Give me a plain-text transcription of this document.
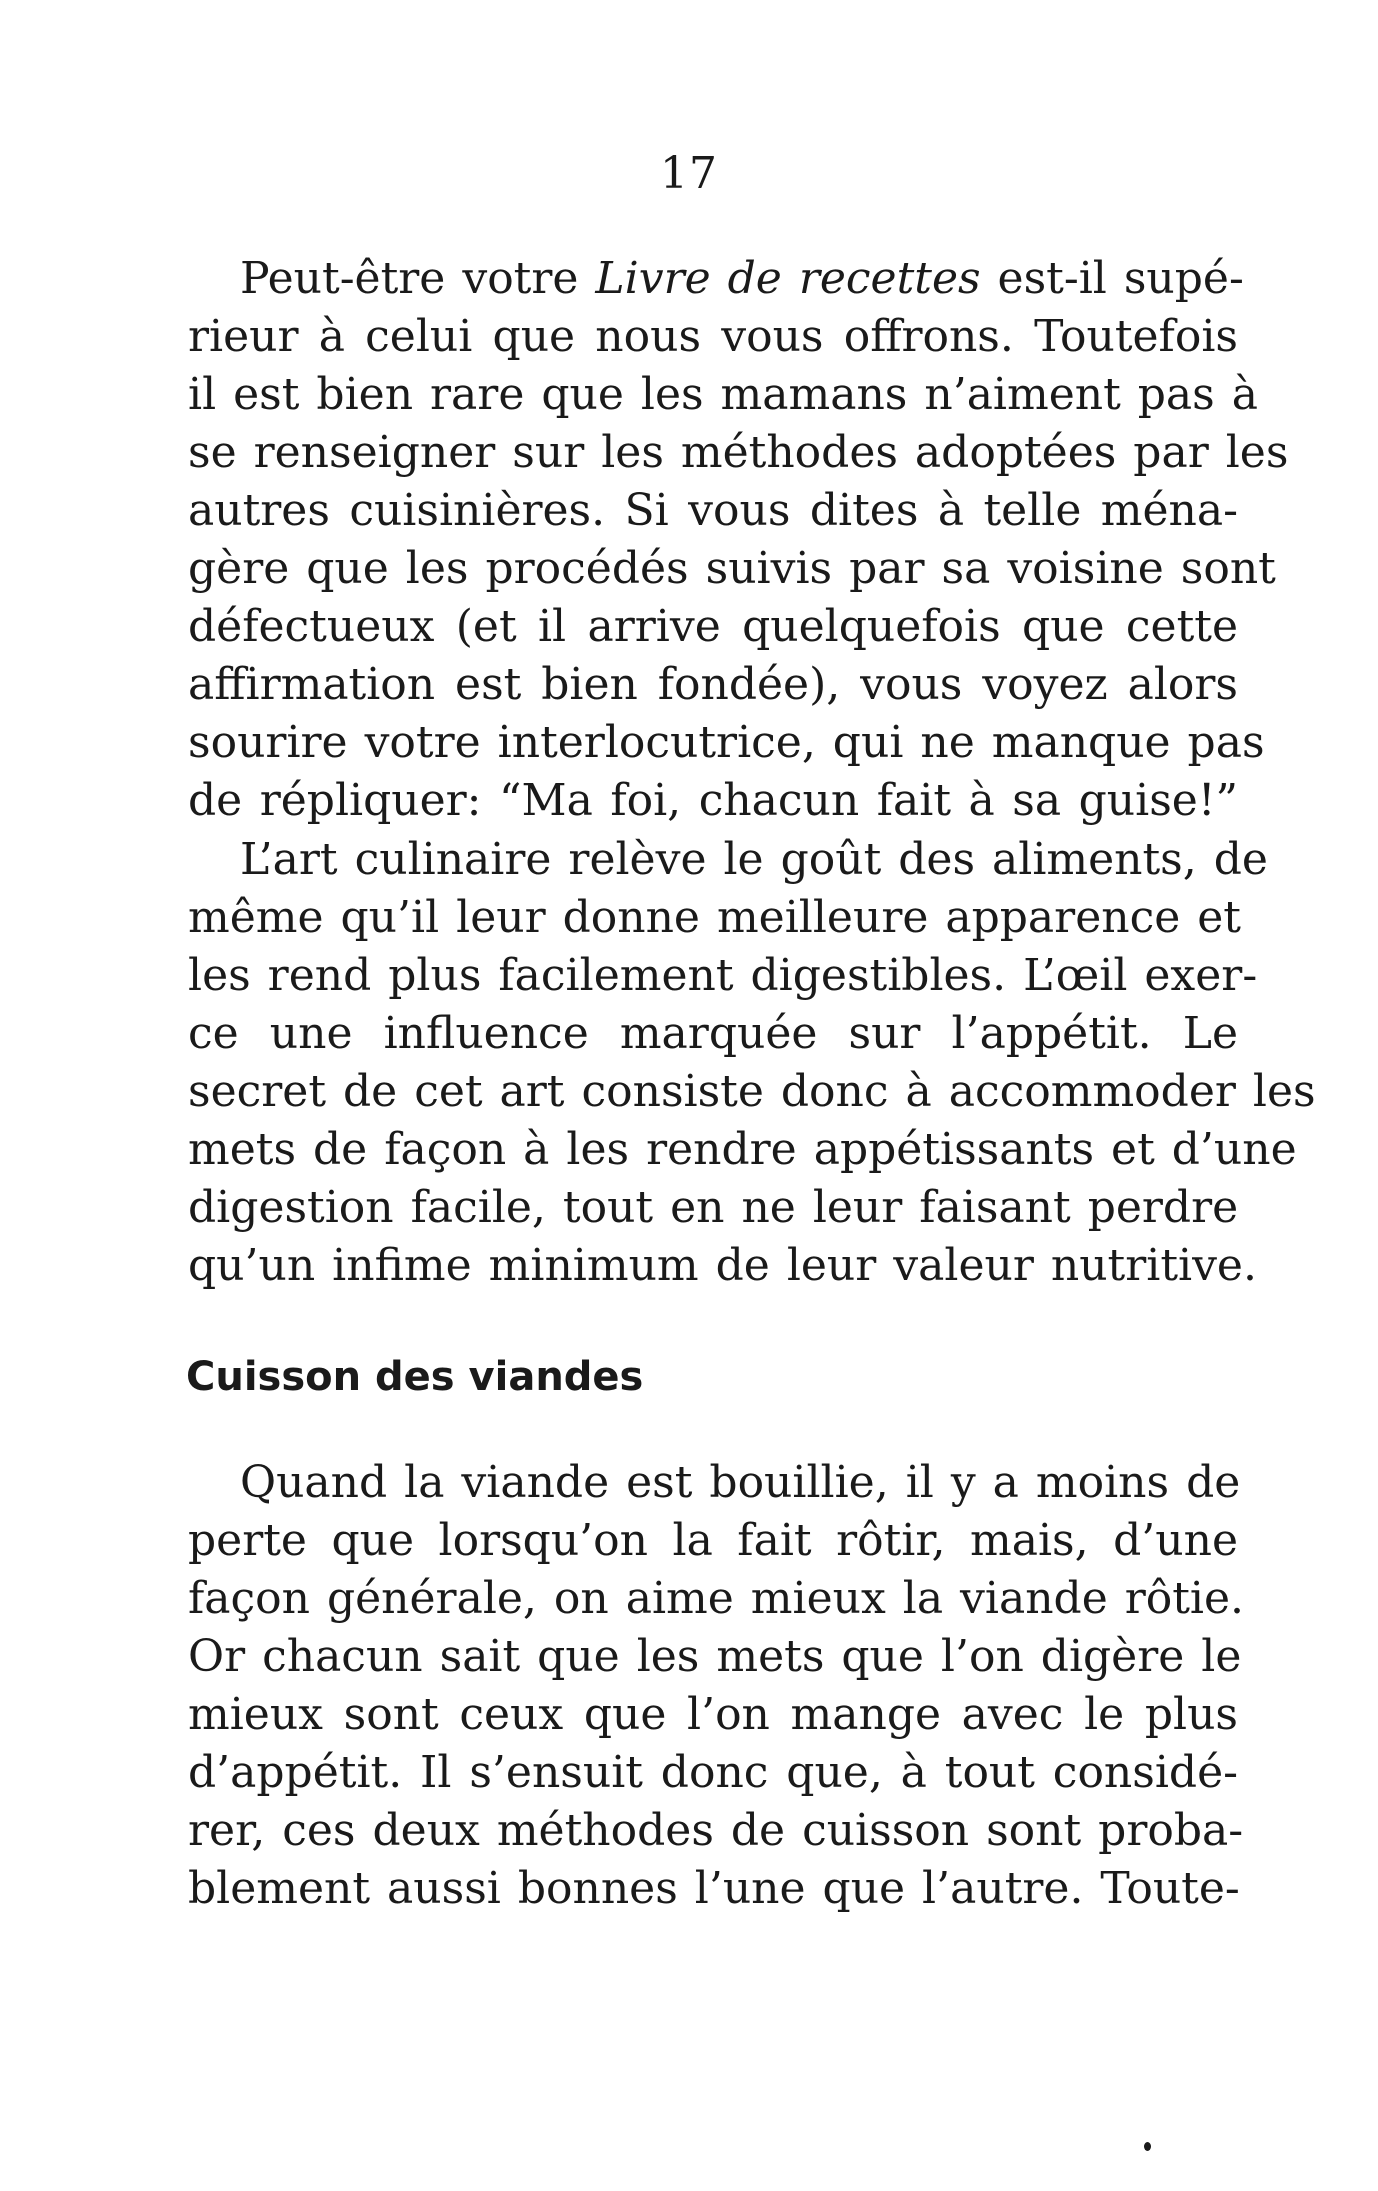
17
Peut-être votre Livre de recettes est-il supé-
rieur à celui que nous vous offrons. Toutefois
il est bien rare que les mamans n’aiment pas à
se renseigner sur les méthodes adoptées par les
autres cuisinières. Si vous dites à telle ména-
gère que les procédés suivis par sa voisine sont
défectueux (et il arrive quelquefois que cette
affirmation est bien fondée), vous voyez alors
sourire votre interlocutrice, qui ne manque pas
de répliquer: “Ma foi, chacun fait à sa guise!”
L’art culinaire relève le goût des aliments, de
même qu’il leur donne meilleure apparence et
les rend plus facilement digestibles. L’œil exer-
ce une influence marquée sur l’appétit. Le
secret de cet art consiste donc à accommoder les
mets de façon à les rendre appétissants et d’une
digestion facile, tout en ne leur faisant perdre
qu’un infime minimum de leur valeur nutritive.
Cuisson des viandes
Quand la viande est bouillie, il y a moins de
perte que lorsqu’on la fait rôtir, mais, d’une
façon générale, on aime mieux la viande rôtie.
Or chacun sait que les mets que l’on digère le
mieux sont ceux que l’on mange avec le plus
d’appétit. Il s’ensuit donc que, à tout considé-
rer, ces deux méthodes de cuisson sont proba-
blement aussi bonnes l’une que l’autre. Toute-
